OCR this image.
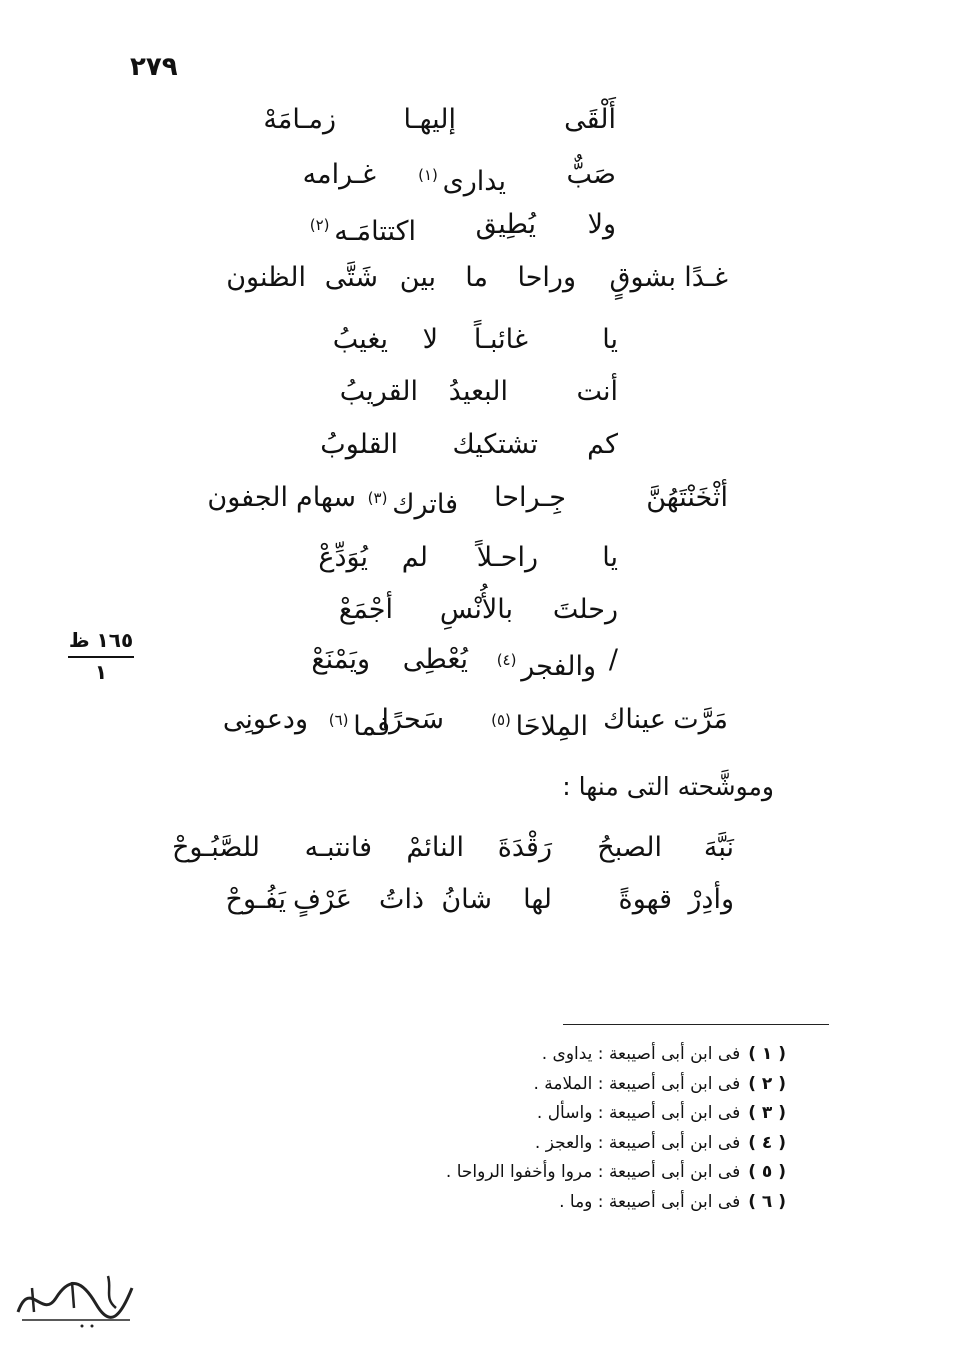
٢٧٩
أَلْقَى
إليهـا
زمـامَهْ
صَبٌّ
يدارى $^{(١)}$
غـرامه
ولا
يُطِيق
اكتتامَـه $^{(٢)}$
غـدًا
بشوقٍ
وراحا
ما
بين
شَتَّى
الظنون
يا
غائبـاً
لا
يغيبُ
أنت
البعيدُ
القريبُ
كم
تشتكيك
القلوبُ
أثْخَنْتَهُنَّ
جِـراحا
فاترك $^{(٣)}$
سهام
الجفون
يا
راحـلاً
لم
يُوَدِّعْ
رحلتَ
بالأُنْسِ
أجْمَعْ
/
والفجر $^{(٤)}$
يُعْطِى
ويَمْنَعْ
مَرَّت
عيناك
المِلاحَا $^{(٥)}$
سَحرًا
فما $^{(٦)}$
ودعونِى
نَبَّهَ
الصبحُ
رَقْدَةَ
النائمْ
فانتبـه
للصَّبُـوحْ
وأدِرْ
قهوةً
لها
شانُ
ذاتُ
عَرْفٍ
يَفُـوحْ
وموشَّحته التى منها :
١٦٥ ظ
١
( ١ )فى ابن أبى أصيبعة : يداوى .
( ٢ )فى ابن أبى أصيبعة : الملامة .
( ٣ )فى ابن أبى أصيبعة : واسأل .
( ٤ )فى ابن أبى أصيبعة : والعجز .
( ٥ )فى ابن أبى أصيبعة : مروا وأخفوا الرواحا .
( ٦ )فى ابن أبى أصيبعة : وما .
